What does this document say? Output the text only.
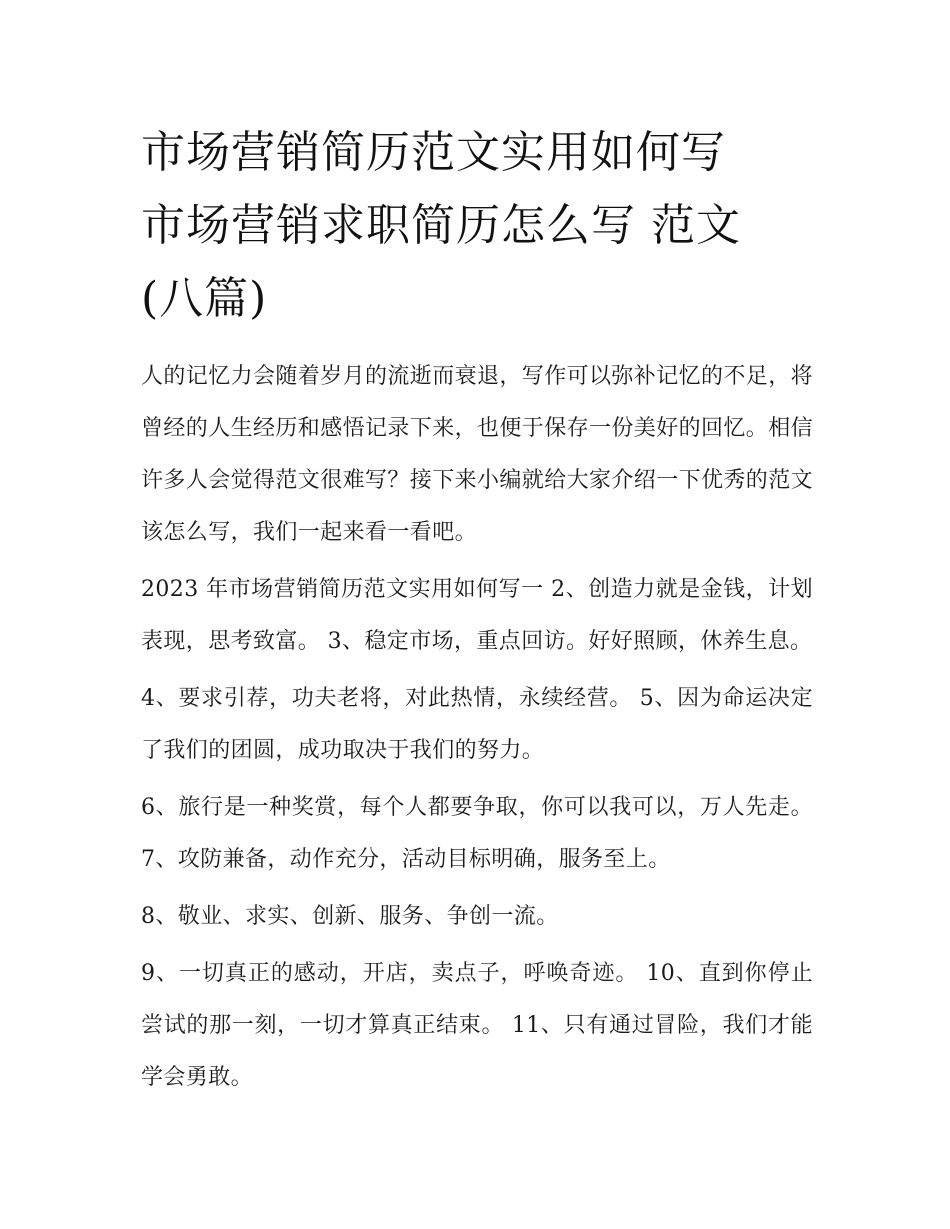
市场营销简历范文实用如何写
市场营销求职简历怎么写 范文
(八篇)

人的记忆力会随着岁月的流逝而衰退，写作可以弥补记忆的不足，将曾经的人生经历和感悟记录下来，也便于保存一份美好的回忆。相信许多人会觉得范文很难写？接下来小编就给大家介绍一下优秀的范文该怎么写，我们一起来看一看吧。

2023 年市场营销简历范文实用如何写一 2、创造力就是金钱，计划表现，思考致富。 3、稳定市场，重点回访。好好照顾，休养生息。

4、要求引荐，功夫老将，对此热情，永续经营。 5、因为命运决定了我们的团圆，成功取决于我们的努力。

6、旅行是一种奖赏，每个人都要争取，你可以我可以，万人先走。 7、攻防兼备，动作充分，活动目标明确，服务至上。

8、敬业、求实、创新、服务、争创一流。

9、一切真正的感动，开店，卖点子，呼唤奇迹。 10、直到你停止尝试的那一刻，一切才算真正结束。 11、只有通过冒险，我们才能学会勇敢。
